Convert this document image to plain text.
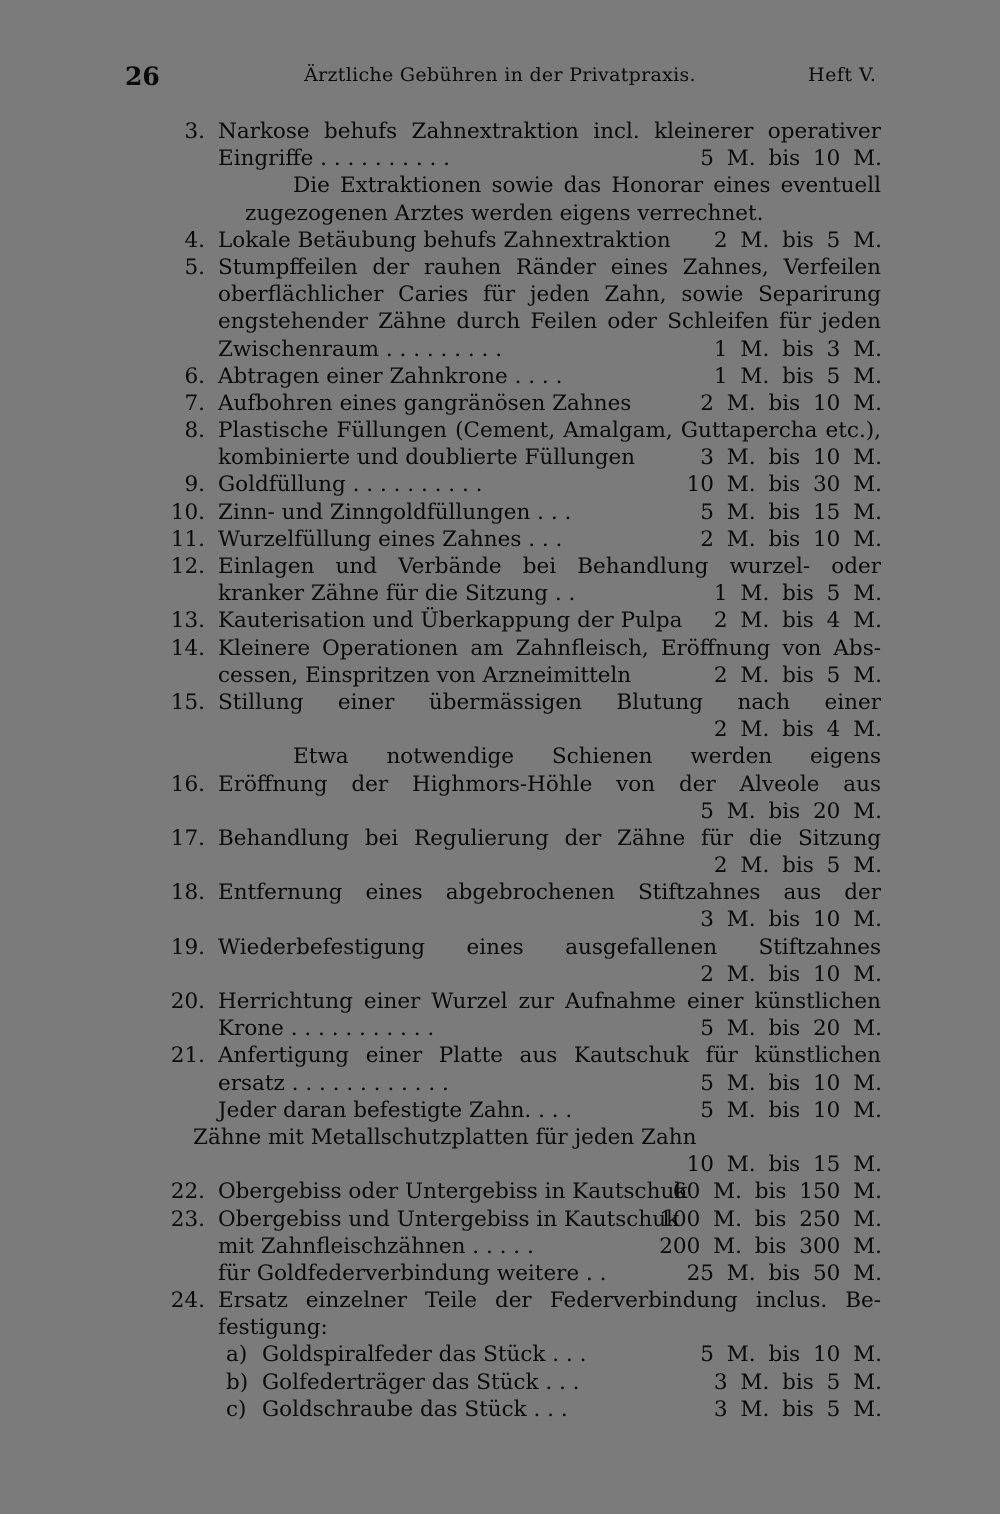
26	Ärztliche Gebühren in der Privatpraxis.	Heft V.
3. Narkose behufs Zahnextraktion incl. kleinerer operativer
Eingriffe . . . . . . . . . .	5 M. bis 10 M.
Die Extraktionen sowie das Honorar eines eventuell
zugezogenen Arztes werden eigens verrechnet.
4. Lokale Betäubung behufs Zahnextraktion 2 M. bis 5 M.
5. Stumpffeilen der rauhen Ränder eines Zahnes, Verfeilen
oberflächlicher Caries für jeden Zahn, sowie Separirung
engstehender Zähne durch Feilen oder Schleifen für jeden
Zwischenraum . . . . . . . . .	1 M. bis 3 M.
6. Abtragen einer Zahnkrone . . . .	1 M. bis 5 M.
7. Aufbohren eines gangränösen Zahnes	2 M. bis 10 M.
8. Plastische Füllungen (Cement, Amalgam, Guttapercha etc.),
kombinierte und doublierte Füllungen	3 M. bis 10 M.
9. Goldfüllung . . . . . . . . . .	10 M. bis 30 M.
10. Zinn- und Zinngoldfüllungen . . .	5 M. bis 15 M.
11. Wurzelfüllung eines Zahnes . . .	2 M. bis 10 M.
12. Einlagen und Verbände bei Behandlung wurzel- oder
kranker Zähne für die Sitzung . .	1 M. bis 5 M.
13. Kauterisation und Überkappung der Pulpa 2 M. bis 4 M.
14. Kleinere Operationen am Zahnfleisch, Eröffnung von Abs-
cessen, Einspritzen von Arzneimitteln	2 M. bis 5 M.
15. Stillung einer übermässigen Blutung nach einer
2 M. bis 4 M.
Etwa notwendige Schienen werden eigens
16. Eröffnung der Highmors-Höhle von der Alveole aus
5 M. bis 20 M.
17. Behandlung bei Regulierung der Zähne für die Sitzung
2 M. bis 5 M.
18. Entfernung eines abgebrochenen Stiftzahnes aus der
3 M. bis 10 M.
19. Wiederbefestigung eines ausgefallenen Stiftzahnes
2 M. bis 10 M.
20. Herrichtung einer Wurzel zur Aufnahme einer künstlichen
Krone . . . . . . . . . . .	5 M. bis 20 M.
21. Anfertigung einer Platte aus Kautschuk für künstlichen
ersatz . . . . . . . . . . . .	5 M. bis 10 M.
Jeder daran befestigte Zahn. . . .	5 M. bis 10 M.
Zähne mit Metallschutzplatten für jeden Zahn
10 M. bis 15 M.
22. Obergebiss oder Untergebiss in Kautschuk
60 M. bis 150 M.
23. Obergebiss und Untergebiss in Kautschuk
100 M. bis 250 M.
mit Zahnfleischzähnen . . . . .	200 M. bis 300 M.
für Goldfederverbindung weitere . .	25 M. bis 50 M.
24. Ersatz einzelner Teile der Federverbindung inclus. Be-
festigung:
a) Goldspiralfeder das Stück . . .	5 M. bis 10 M.
b) Golfederträger das Stück . . .	3 M. bis 5 M.
c) Goldschraube das Stück . . .	3 M. bis 5 M.
